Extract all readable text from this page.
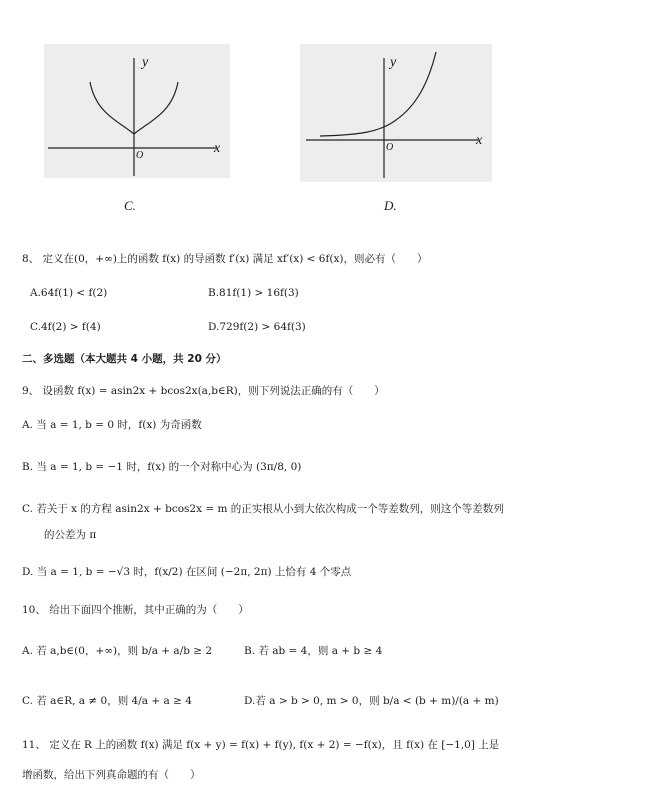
y
x
O
C.
y
x
O
D.
8、 定义在(0，+∞)上的函数 f(x) 的导函数 f′(x) 满足 xf′(x) < 6f(x)，则必有（　　）
A.64f(1) < f(2)	B.81f(1) > 16f(3)
C.4f(2) > f(4)	D.729f(2) > 64f(3)
二、多选题（本大题共 4 小题，共 20 分）
9、 设函数 f(x) = asin2x + bcos2x(a,b∈R)，则下列说法正确的有（　　）
A. 当 a = 1, b = 0 时，f(x) 为奇函数
B. 当 a = 1, b = −1 时，f(x) 的一个对称中心为 (3π/8, 0)
C. 若关于 x 的方程 asin2x + bcos2x = m 的正实根从小到大依次构成一个等差数列，则这个等差数列
的公差为 π
D. 当 a = 1, b = −√3 时，f(x/2) 在区间 (−2π, 2π) 上恰有 4 个零点
10、 给出下面四个推断，其中正确的为（　　）
A. 若 a,b∈(0，+∞)，则 b/a + a/b ≥ 2	B. 若 ab = 4，则 a + b ≥ 4
C. 若 a∈R, a ≠ 0，则 4/a + a ≥ 4	D.若 a > b > 0, m > 0，则 b/a < (b + m)/(a + m)
11、 定义在 R 上的函数 f(x) 满足 f(x + y) = f(x) + f(y), f(x + 2) = −f(x)，且 f(x) 在 [−1,0] 上是
增函数，给出下列真命题的有（　　）
